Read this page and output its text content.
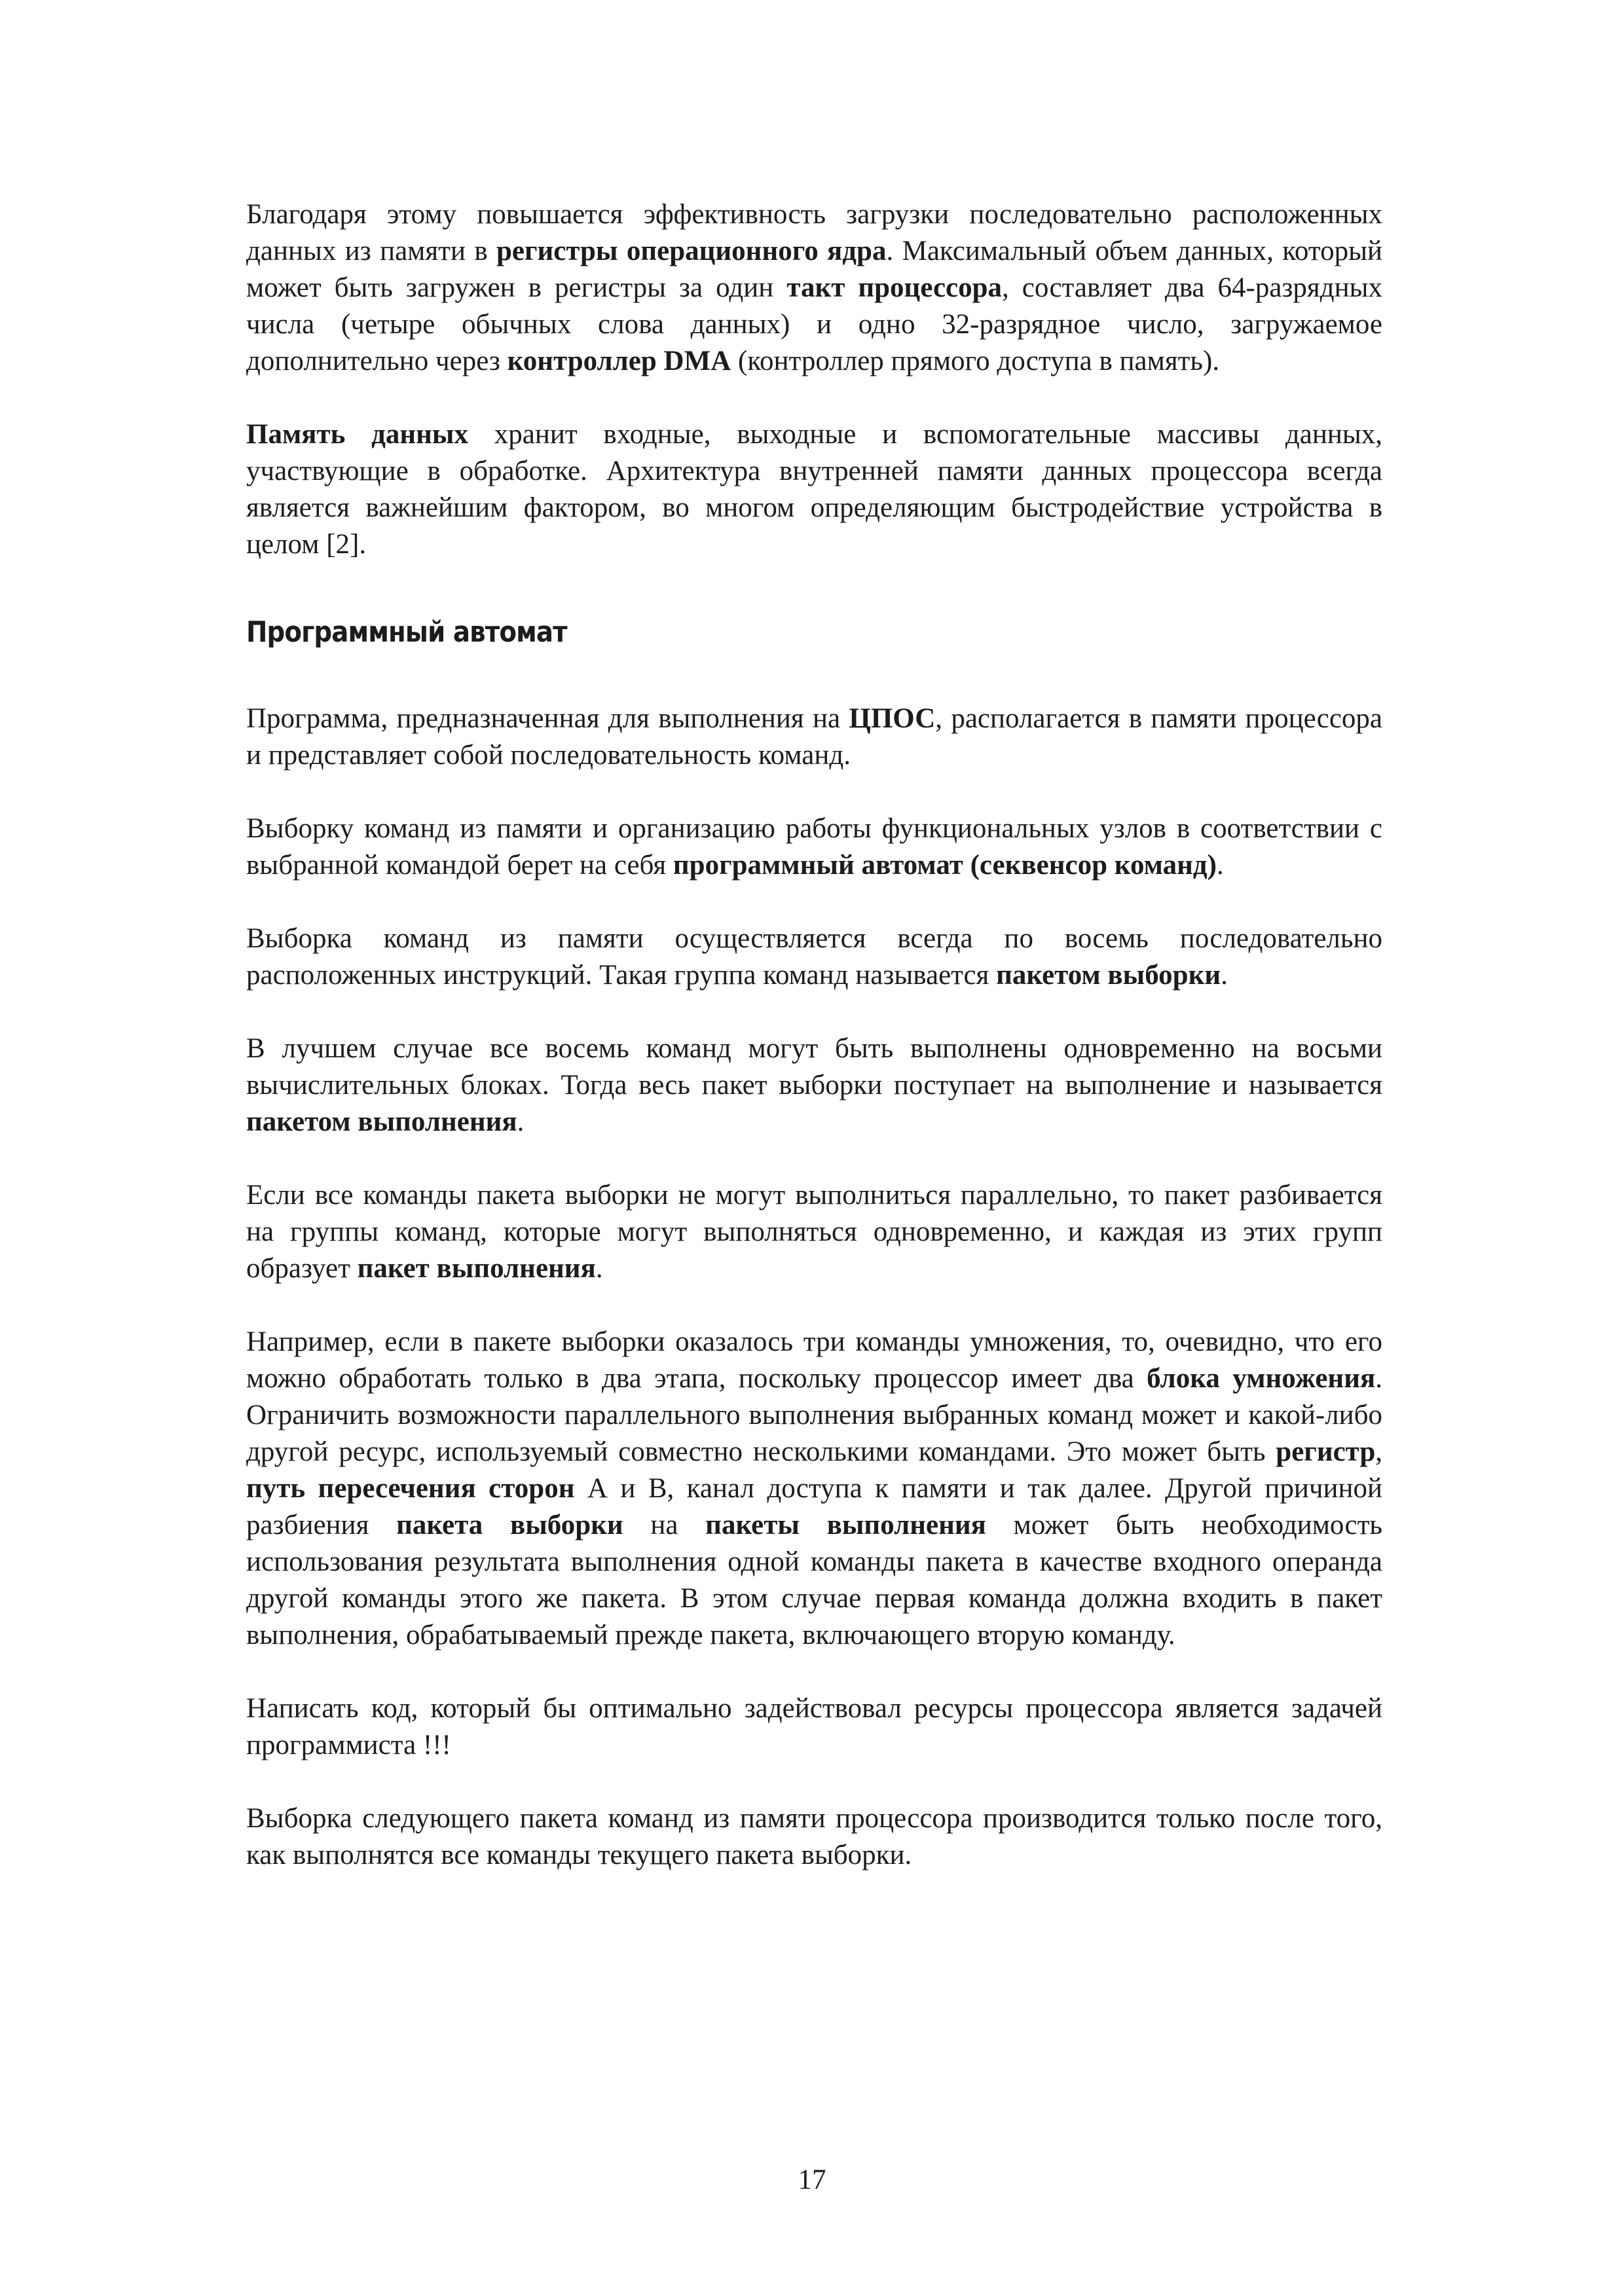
Благодаря этому повышается эффективность загрузки последовательно расположенных данных из памяти в регистры операционного ядра. Максимальный объем данных, который может быть загружен в регистры за один такт процессора, составляет два 64-разрядных числа (четыре обычных слова данных) и одно 32-разрядное число, загружаемое дополнительно через контроллер DMA (контроллер прямого доступа в память).

Память данных хранит входные, выходные и вспомогательные массивы данных, участвующие в обработке. Архитектура внутренней памяти данных процессора всегда является важнейшим фактором, во многом определяющим быстродействие устройства в целом [2].

Программный автомат

Программа, предназначенная для выполнения на ЦПОС, располагается в памяти процессора и представляет собой последовательность команд.

Выборку команд из памяти и организацию работы функциональных узлов в соответствии с выбранной командой берет на себя программный автомат (секвенсор команд).

Выборка команд из памяти осуществляется всегда по восемь последовательно расположенных инструкций. Такая группа команд называется пакетом выборки.

В лучшем случае все восемь команд могут быть выполнены одновременно на восьми вычислительных блоках. Тогда весь пакет выборки поступает на выполнение и называется пакетом выполнения.

Если все команды пакета выборки не могут выполниться параллельно, то пакет разбивается на группы команд, которые могут выполняться одновременно, и каждая из этих групп образует пакет выполнения.

Например, если в пакете выборки оказалось три команды умножения, то, очевидно, что его можно обработать только в два этапа, поскольку процессор имеет два блока умножения. Ограничить возможности параллельного выполнения выбранных команд может и какой-либо другой ресурс, используемый совместно несколькими командами. Это может быть регистр, путь пересечения сторон А и В, канал доступа к памяти и так далее. Другой причиной разбиения пакета выборки на пакеты выполнения может быть необходимость использования результата выполнения одной команды пакета в качестве входного операнда другой команды этого же пакета. В этом случае первая команда должна входить в пакет выполнения, обрабатываемый прежде пакета, включающего вторую команду.

Написать код, который бы оптимально задействовал ресурсы процессора является задачей программиста !!!

Выборка следующего пакета команд из памяти процессора производится только после того, как выполнятся все команды текущего пакета выборки.

17
